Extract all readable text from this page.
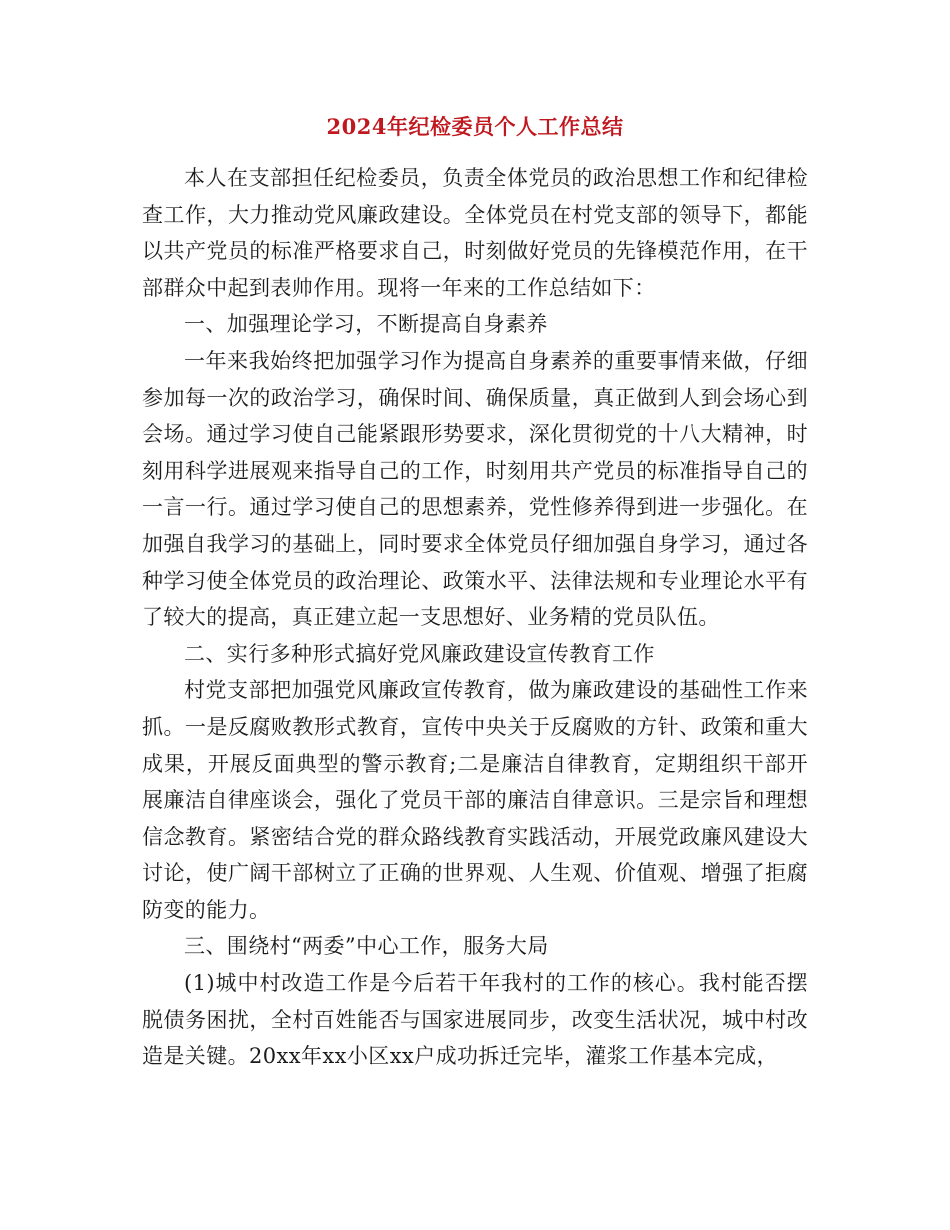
2024年纪检委员个人工作总结

本人在支部担任纪检委员，负责全体党员的政治思想工作和纪律检查工作，大力推动党风廉政建设。全体党员在村党支部的领导下，都能以共产党员的标准严格要求自己，时刻做好党员的先锋模范作用，在干部群众中起到表帅作用。现将一年来的工作总结如下：

一、加强理论学习，不断提高自身素养

一年来我始终把加强学习作为提高自身素养的重要事情来做，仔细参加每一次的政治学习，确保时间、确保质量，真正做到人到会场心到会场。通过学习使自己能紧跟形势要求，深化贯彻党的十八大精神，时刻用科学进展观来指导自己的工作，时刻用共产党员的标准指导自己的一言一行。通过学习使自己的思想素养，党性修养得到进一步强化。在加强自我学习的基础上，同时要求全体党员仔细加强自身学习，通过各种学习使全体党员的政治理论、政策水平、法律法规和专业理论水平有了较大的提高，真正建立起一支思想好、业务精的党员队伍。

二、实行多种形式搞好党风廉政建设宣传教育工作

村党支部把加强党风廉政宣传教育，做为廉政建设的基础性工作来抓。一是反腐败教形式教育，宣传中央关于反腐败的方针、政策和重大成果，开展反面典型的警示教育;二是廉洁自律教育，定期组织干部开展廉洁自律座谈会，强化了党员干部的廉洁自律意识。三是宗旨和理想信念教育。紧密结合党的群众路线教育实践活动，开展党政廉风建设大讨论，使广阔干部树立了正确的世界观、人生观、价值观、增强了拒腐防变的能力。

三、围绕村“两委”中心工作，服务大局

(1)城中村改造工作是今后若干年我村的工作的核心。我村能否摆脱债务困扰，全村百姓能否与国家进展同步，改变生活状况，城中村改造是关键。20xx年xx小区xx户成功拆迁完毕，灌浆工作基本完成，
